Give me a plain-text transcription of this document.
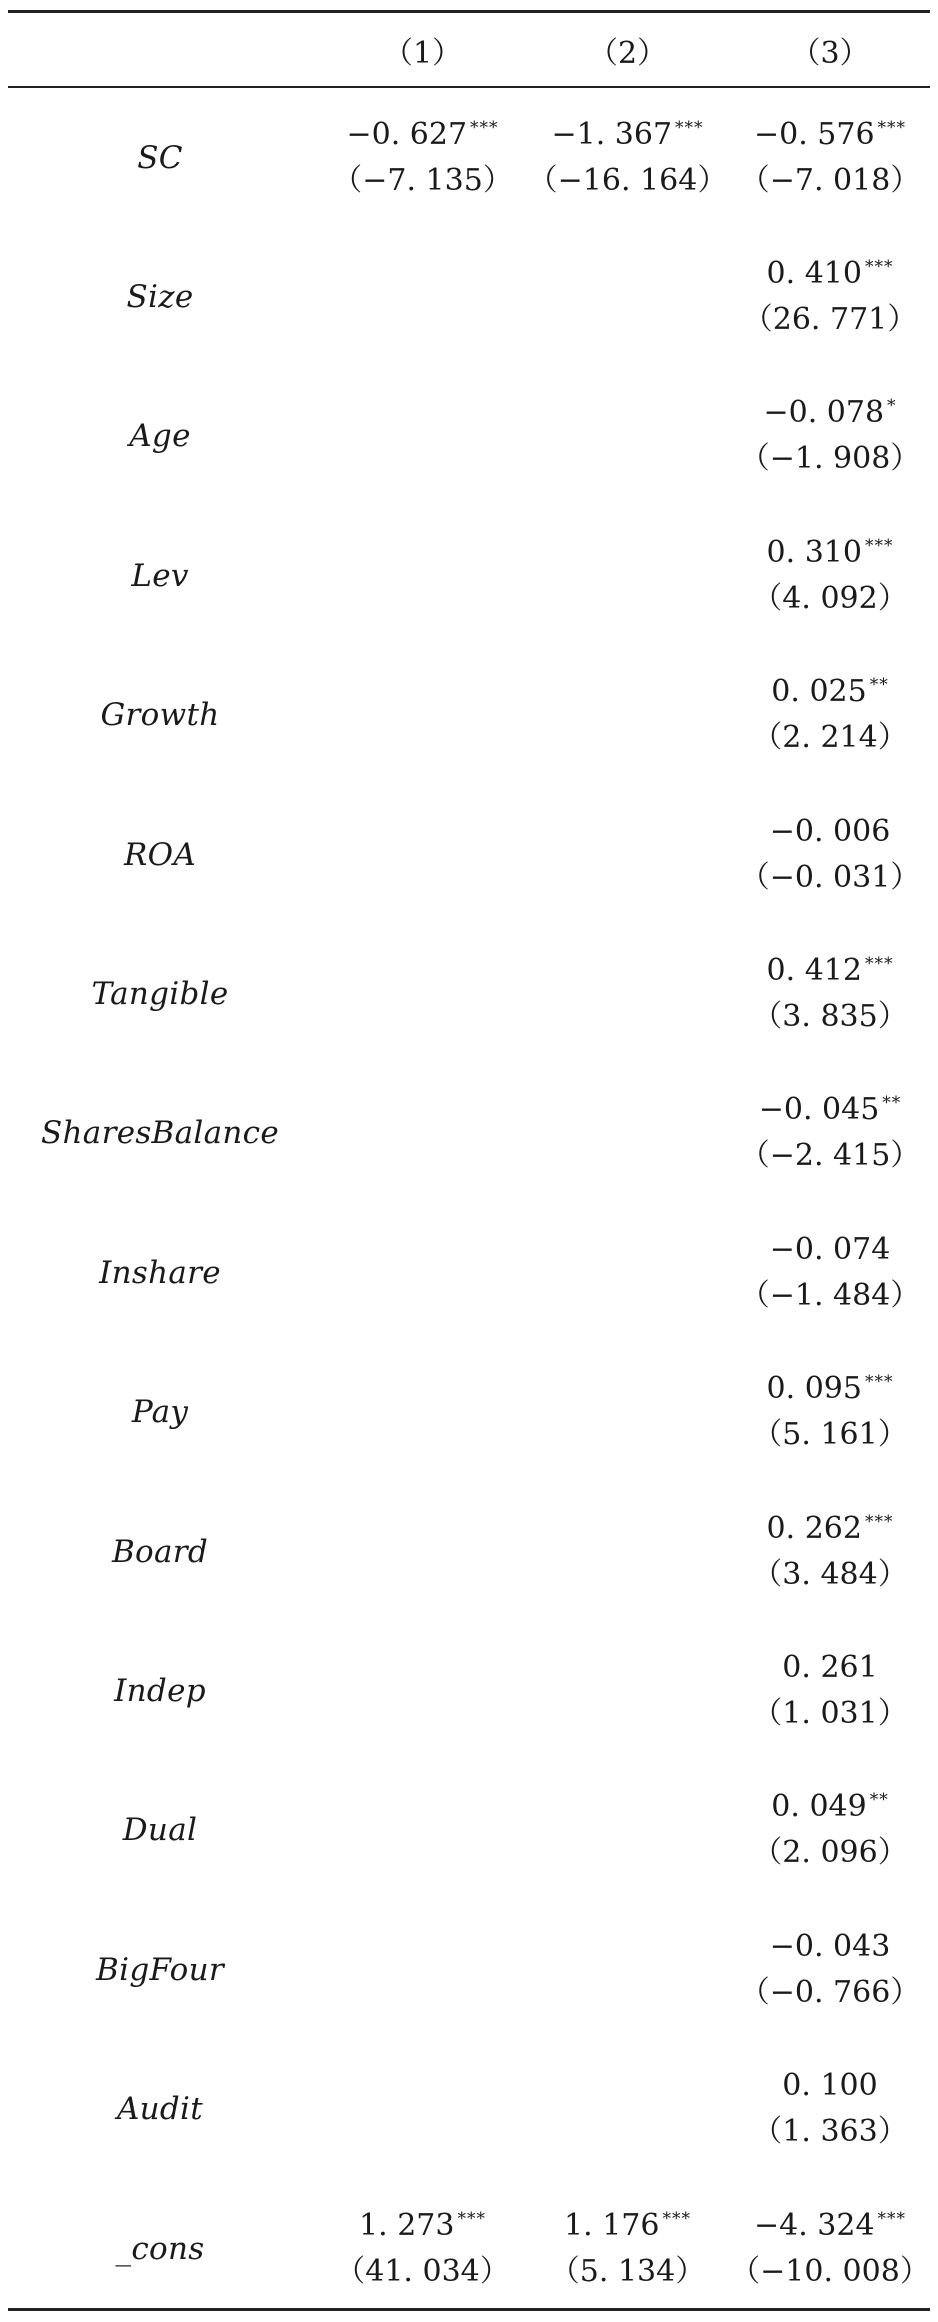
（1）	（2）	（3）
SC
−0. 627 ***
（−7. 135）
−1. 367 ***
（−16. 164）
−0. 576 ***
（−7. 018）
Size
0. 410 ***
（26. 771）
Age
−0. 078 *
（−1. 908）
Lev
0. 310 ***
（4. 092）
Growth
0. 025 **
（2. 214）
ROA
−0. 006
（−0. 031）
Tangible
0. 412 ***
（3. 835）
SharesBalance
−0. 045 **
（−2. 415）
Inshare
−0. 074
（−1. 484）
Pay
0. 095 ***
（5. 161）
Board
0. 262 ***
（3. 484）
Indep
0. 261
（1. 031）
Dual
0. 049 **
（2. 096）
BigFour
−0. 043
（−0. 766）
Audit
0. 100
（1. 363）
_cons
1. 273 ***
（41. 034）
1. 176 ***
（5. 134）
−4. 324 ***
（−10. 008）
